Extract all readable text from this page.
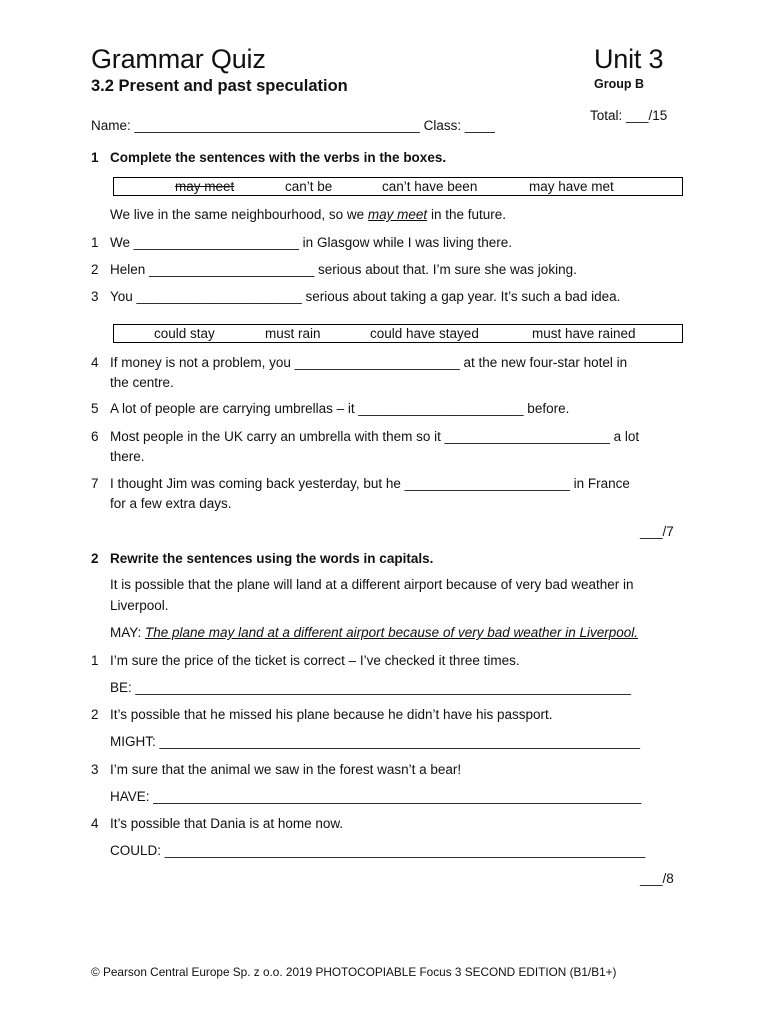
Grammar Quiz	Unit 3
3.2 Present and past speculation	Group B
Total: ___/15
Name: ______________________________________ Class: ____
1 Complete the sentences with the verbs in the boxes.
may meet	can’t be	can’t have been	may have met
We live in the same neighbourhood, so we may meet in the future.
1 We ______________________ in Glasgow while I was living there.
2 Helen ______________________ serious about that. I’m sure she was joking.
3 You ______________________ serious about taking a gap year. It’s such a bad idea.
could stay	must rain	could have stayed	must have rained
4 If money is not a problem, you ______________________ at the new four-star hotel in
the centre.
5 A lot of people are carrying umbrellas – it ______________________ before.
6 Most people in the UK carry an umbrella with them so it ______________________ a lot
there.
7 I thought Jim was coming back yesterday, but he ______________________ in France
for a few extra days.
___/7
2 Rewrite the sentences using the words in capitals.
It is possible that the plane will land at a different airport because of very bad weather in
Liverpool.
MAY: The plane may land at a different airport because of very bad weather in Liverpool.
1 I’m sure the price of the ticket is correct – I’ve checked it three times.
BE: __________________________________________________________________
2 It’s possible that he missed his plane because he didn’t have his passport.
MIGHT: ________________________________________________________________
3 I’m sure that the animal we saw in the forest wasn’t a bear!
HAVE: _________________________________________________________________
4 It’s possible that Dania is at home now.
COULD: ________________________________________________________________
___/8
© Pearson Central Europe Sp. z o.o. 2019 PHOTOCOPIABLE Focus 3 SECOND EDITION (B1/B1+)
